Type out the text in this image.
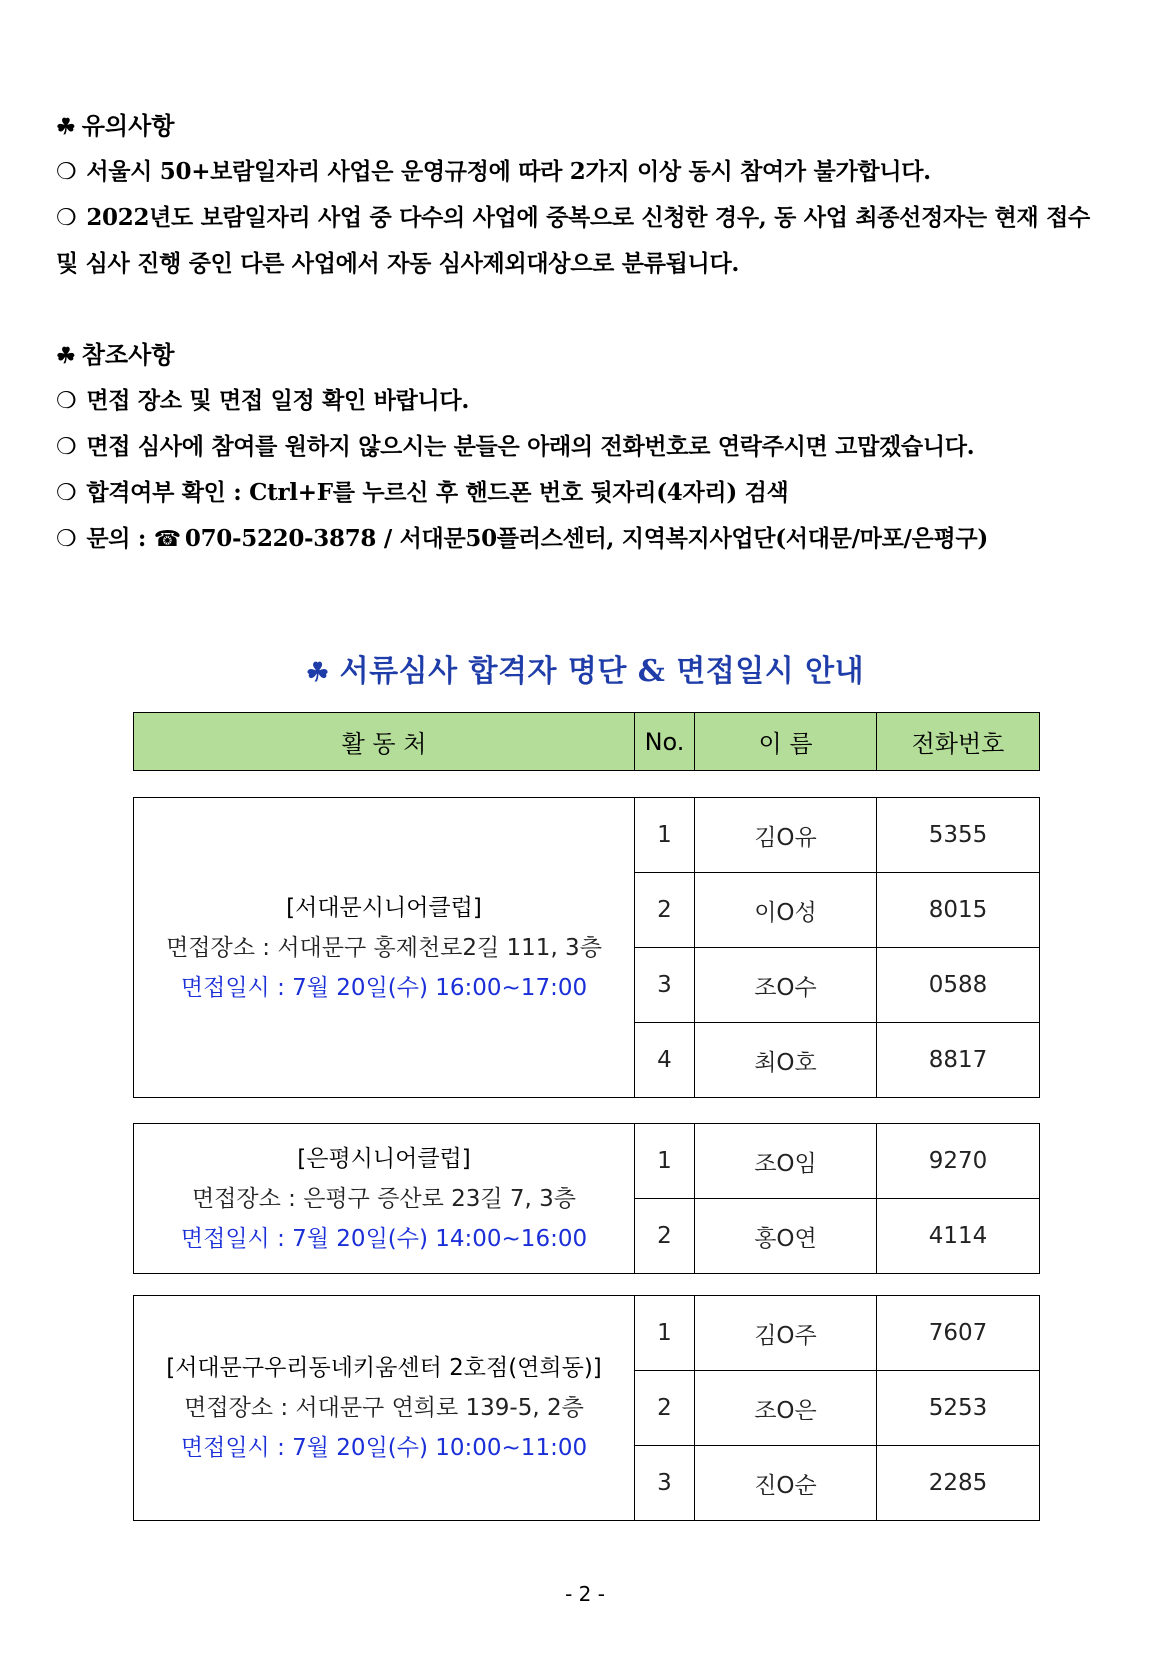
☘ 유의사항
❍ 서울시 50+보람일자리 사업은 운영규정에 따라 2가지 이상 동시 참여가 불가합니다.
❍ 2022년도 보람일자리 사업 중 다수의 사업에 중복으로 신청한 경우, 동 사업 최종선정자는 현재 접수 및 심사 진행 중인 다른 사업에서 자동 심사제외대상으로 분류됩니다.
☘ 참조사항
❍ 면접 장소 및 면접 일정 확인 바랍니다.
❍ 면접 심사에 참여를 원하지 않으시는 분들은 아래의 전화번호로 연락주시면 고맙겠습니다.
❍ 합격여부 확인 : Ctrl+F를 누르신 후 핸드폰 번호 뒷자리(4자리) 검색
❍ 문의 : ☎ 070-5220-3878 / 서대문50플러스센터, 지역복지사업단(서대문/마포/은평구)
☘ 서류심사 합격자 명단 & 면접일시 안내
활 동 처	No.	이 름	전화번호
[서대문시니어클럽]
면접장소 : 서대문구 홍제천로2길 111, 3층
면접일시 : 7월 20일(수) 16:00~17:00	1	김O유	5355
	2	이O성	8015
	3	조O수	0588
	4	최O호	8817
[은평시니어클럽]
면접장소 : 은평구 증산로 23길 7, 3층
면접일시 : 7월 20일(수) 14:00~16:00	1	조O임	9270
	2	홍O연	4114
[서대문구우리동네키움센터 2호점(연희동)]
면접장소 : 서대문구 연희로 139-5, 2층
면접일시 : 7월 20일(수) 10:00~11:00	1	김O주	7607
	2	조O은	5253
	3	진O순	2285
- 2 -
